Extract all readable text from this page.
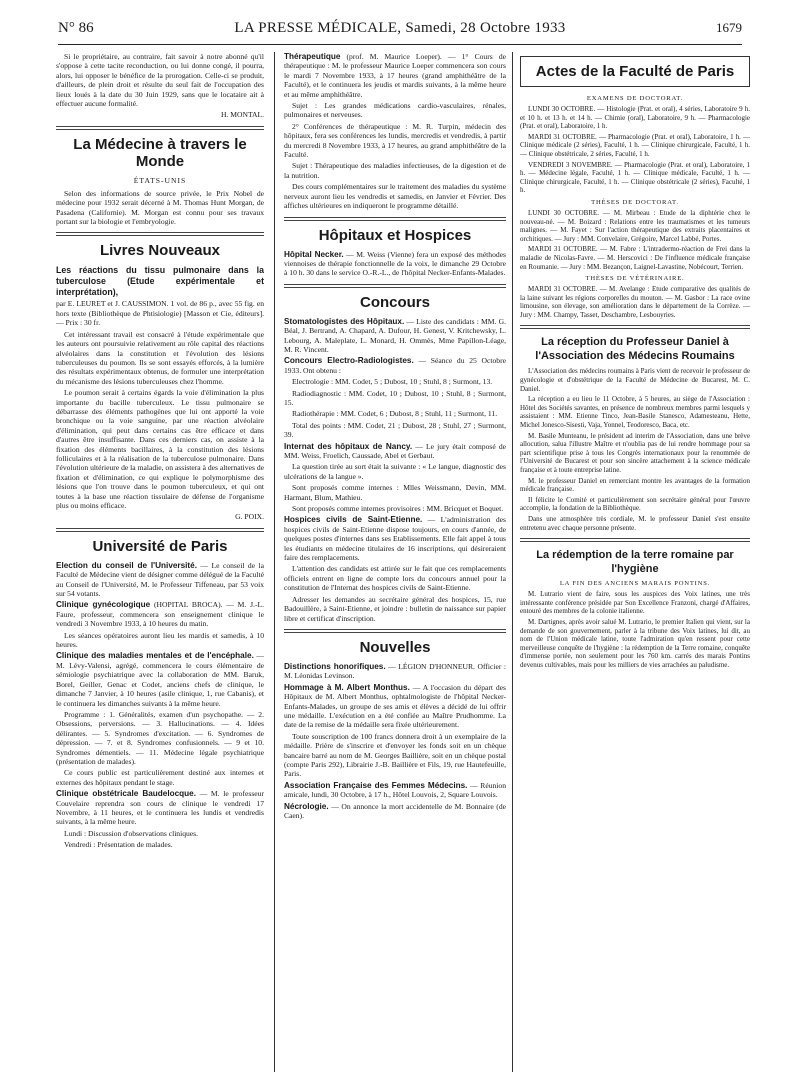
N° 86	LA PRESSE MÉDICALE, Samedi, 28 Octobre 1933	1679

Si le propriétaire, au contraire, fait savoir à notre abonné qu'il s'oppose à cette tacite reconduction, ou lui donne congé, il pourra, alors, lui opposer le bénéfice de la prorogation. Celle-ci se produit, d'ailleurs, de plein droit et résulte du seul fait de l'occupation des lieux loués à la date du 30 Juin 1929, sans que le locataire ait à effectuer aucune formalité.

H. MONTAL.

La Médecine à travers le Monde
ÉTATS-UNIS

Selon des informations de source privée, le Prix Nobel de médecine pour 1932 serait décerné à M. Thomas Hunt Morgan, de Pasadena (Californie). M. Morgan est connu pour ses travaux portant sur la biologie et l'embryologie.

Livres Nouveaux

Les réactions du tissu pulmonaire dans la tuberculose (Etude expérimentale et interprétation),

par E. LEURET et J. CAUSSIMON. 1 vol. de 86 p., avec 55 fig. en hors texte (Bibliothèque de Phtisiologie) [Masson et Cie, éditeurs]. — Prix : 30 fr.

Cet intéressant travail est consacré à l'étude expérimentale que les auteurs ont poursuivie relativement au rôle capital des réactions alvéolaires dans la constitution et l'évolution des lésions tuberculeuses du poumon. Ils se sont essayés efforcés, à la lumière des résultats expérimentaux obtenus, de formuler une interprétation du mécanisme des lésions tuberculeuses chez l'homme.

Le poumon serait à certains égards la voie d'élimination la plus importante du bacille tuberculeux. Le tissu pulmonaire se débarrasse des éléments pathogènes que lui ont apporté la voie bronchique ou la voie sanguine, par une réaction alvéolaire d'élimination, qui peut dans certains cas être efficace et dans d'autres être insuffisante. Dans ces derniers cas, on assiste à la fixation des éléments bacillaires, à la constitution des lésions folliculaires et à la réalisation de la tuberculose pulmonaire. Dans l'évolution ultérieure de la maladie, on assistera à des alternatives de fixation et d'élimination, ce qui explique le polymorphisme des lésions que l'on trouve dans le poumon tuberculeux, et qui ont toutes à la base une réaction tissulaire de défense de l'organisme plus ou moins efficace.

G. POIX.

Université de Paris

Election du conseil de l'Université. — Le conseil de la Faculté de Médecine vient de désigner comme délégué de la Faculté au Conseil de l'Université, M. le Professeur Tiffeneau, par 53 voix sur 54 votants.

Clinique gynécologique (HOPITAL BROCA). — M. J.-L. Faure, professeur, commencera son enseignement clinique le vendredi 3 Novembre 1933, à 10 heures du matin.

Les séances opératoires auront lieu les mardis et samedis, à 10 heures.

Clinique des maladies mentales et de l'encéphale. — M. Lévy-Valensi, agrégé, commencera le cours élémentaire de sémiologie psychiatrique avec la collaboration de MM. Baruk, Borel, Geiller, Genac et Codet, anciens chefs de clinique, le dimanche 7 Janvier, à 10 heures (asile clinique, 1, rue Cabanis), et le continuera les dimanches suivants à la même heure.

Programme : 1. Généralités, examen d'un psychopathe. — 2. Obsessions, perversions. — 3. Hallucinations. — 4. Idées délirantes. — 5. Syndromes d'excitation. — 6. Syndromes de dépression. — 7. et 8. Syndromes confusionnels. — 9 et 10. Syndromes démentiels. — 11. Médecine légale psychiatrique (présentation de malades).

Ce cours public est particulièrement destiné aux internes et externes des hôpitaux pendant le stage.

Clinique obstétricale Baudelocque. — M. le professeur Couvelaire reprendra son cours de clinique le vendredi 17 Novembre, à 11 heures, et le continuera les lundis et vendredis suivants, à la même heure.

Lundi : Discussion d'observations cliniques.

Vendredi : Présentation de malades.

Thérapeutique (prof. M. Maurice Loeper). — 1° Cours de thérapeutique : M. le professeur Maurice Loeper commencera son cours le mardi 7 Novembre 1933, à 17 heures (grand amphithéâtre de la Faculté), et le continuera les jeudis et mardis suivants, à la même heure et au même amphithéâtre.

Sujet : Les grandes médications cardio-vasculaires, rénales, pulmonaires et nerveuses.

2° Conférences de thérapeutique : M. R. Turpin, médecin des hôpitaux, fera ses conférences les lundis, mercredis et vendredis, à partir du mercredi 8 Novembre 1933, à 17 heures, au grand amphithéâtre de la Faculté.

Sujet : Thérapeutique des maladies infectieuses, de la digestion et de la nutrition.

Des cours complémentaires sur le traitement des maladies du système nerveux auront lieu les vendredis et samedis, en Janvier et Février. Des affiches ultérieures en indiqueront le programme détaillé.

Hôpitaux et Hospices

Hôpital Necker. — M. Weiss (Vienne) fera un exposé des méthodes viennoises de thérapie fonctionnelle de la voix, le dimanche 29 Octobre à 10 h. 30 dans le service O.-R.-L., de l'hôpital Necker-Enfants-Malades.

Concours

Stomatologistes des Hôpitaux. — Liste des candidats : MM. G. Béal, J. Bertrand, A. Chapard, A. Dufour, H. Genest, V. Kritchewsky, L. Lebourg, A. Maleplate, L. Monard, H. Ommès, Mme Papillon-Léage, M. R. Vincent.

Concours Electro-Radiologistes. — Séance du 25 Octobre 1933. Ont obtenu :

Electrologie : MM. Codet, 5 ; Dubost, 10 ; Stuhl, 8 ; Surmont, 13.

Radiodiagnostic : MM. Codet, 10 ; Dubost, 10 ; Stuhl, 8 ; Surmont, 15.

Radiothérapie : MM. Codet, 6 ; Dubost, 8 ; Stuhl, 11 ; Surmont, 11.

Total des points : MM. Codet, 21 ; Dubost, 28 ; Stuhl, 27 ; Surmont, 39.

Internat des hôpitaux de Nancy. — Le jury était composé de MM. Weiss, Froelich, Caussade, Abel et Gerbaut.

La question tirée au sort était la suivante : « Le langue, diagnostic des ulcérations de la langue ».

Sont proposés comme internes : Mlles Weissmann, Devin, MM. Harmant, Blum, Mathieu.

Sont proposés comme internes provisoires : MM. Bricquet et Boquet.

Hospices civils de Saint-Etienne. — L'administration des hospices civils de Saint-Etienne dispose toujours, en cours d'année, de quelques postes d'internes dans ses Etablissements. Elle fait appel à tous les étudiants en médecine titulaires de 16 inscriptions, qui désireraient faire des remplacements.

L'attention des candidats est attirée sur le fait que ces remplacements officiels entrent en ligne de compte lors du concours annuel pour la constitution de l'Internat des hospices civils de Saint-Etienne.

Adresser les demandes au secrétaire général des hospices, 15, rue Badouillère, à Saint-Etienne, et joindre : bulletin de naissance sur papier libre et certificat d'inscription.

Nouvelles

Distinctions honorifiques. — LÉGION D'HONNEUR. Officier : M. Léonidas Levinson.

Hommage à M. Albert Monthus. — A l'occasion du départ des Hôpitaux de M. Albert Monthus, ophtalmologiste de l'hôpital Necker-Enfants-Malades, un groupe de ses amis et élèves a décidé de lui offrir une médaille. L'exécution en a été confiée au Maître Prudhomme. La date de la remise de la médaille sera fixée ultérieurement.

Toute souscription de 100 francs donnera droit à un exemplaire de la médaille. Prière de s'inscrire et d'envoyer les fonds soit en un chèque bancaire barré au nom de M. Georges Baillière, soit en un chèque postal (compte Paris 292), Librairie J.-B. Baillière et Fils, 19, rue Hautefeuille, Paris.

Association Française des Femmes Médecins. — Réunion amicale, lundi, 30 Octobre, à 17 h., Hôtel Louvois, 2, Square Louvois.

Nécrologie. — On annonce la mort accidentelle de M. Bonnaire (de Caen).

Actes de la Faculté de Paris
EXAMENS DE DOCTORAT.

LUNDI 30 OCTOBRE. — Histologie (Prat. et oral), 4 séries, Laboratoire 9 h. et 10 h. et 13 h. et 14 h. — Chimie (oral), Laboratoire, 9 h. — Pharmacologie (Prat. et oral), Laboratoire, 1 h.

MARDI 31 OCTOBRE. — Pharmacologie (Prat. et oral), Laboratoire, 1 h. — Clinique médicale (2 séries), Faculté, 1 h. — Clinique chirurgicale, Faculté, 1 h. — Clinique obstétricale, 2 séries, Faculté, 1 h.

VENDREDI 3 NOVEMBRE. — Pharmacologie (Prat. et oral), Laboratoire, 1 h. — Médecine légale, Faculté, 1 h. — Clinique médicale, Faculté, 1 h. — Clinique chirurgicale, Faculté, 1 h. — Clinique obstétricale (2 séries), Faculté, 1 h.

THÈSES DE DOCTORAT.

LUNDI 30 OCTOBRE. — M. Mirbeau : Etude de la diphtérie chez le nouveau-né. — M. Boizard : Relations entre les traumatismes et les tumeurs malignes. — M. Fayet : Sur l'action thérapeutique des extraits placentaires et orchitiques. — Jury : MM. Convelaire, Grégoire, Marcel Labbé, Portes.

MARDI 31 OCTOBRE. — M. Fabre : L'intradermo-réaction de Frei dans la maladie de Nicolas-Favre. — M. Herscovici : De l'influence médicale française en Roumanie. — Jury : MM. Bezançon, Laignel-Lavastine, Nobécourt, Terrien.

THÈSES DE VÉTÉRINAIRE.

MARDI 31 OCTOBRE. — M. Avelange : Etude comparative des qualités de la laine suivant les régions corporelles du mouton. — M. Gasbor : La race ovine limousine, son élevage, son amélioration dans le département de la Corrèze. — Jury : MM. Champy, Tasset, Deschambre, Lesbouyries.

La réception du Professeur Daniel à l'Association des Médecins Roumains

L'Association des médecins roumains à Paris vient de recevoir le professeur de gynécologie et d'obstétrique de la Faculté de Médecine de Bucarest, M. C. Daniel.

La réception a eu lieu le 11 Octobre, à 5 heures, au siège de l'Association : Hôtel des Sociétés savantes, en présence de nombreux membres parmi lesquels y assistaient : MM. Etienne Tinco, Jean-Basile Stanesco, Adamesteanu, Hette, Michel Jonesco-Sisesti, Vaja, Yonnel, Teodoresco, Baca, etc.

M. Basile Munteanu, le président ad interim de l'Association, dans une brève allocution, salua l'illustre Maître et n'oublia pas de lui rendre hommage pour sa part scientifique prise à tous les Congrès internationaux pour la renommée de l'Université de Bucarest et pour son sincère attachement à la science médicale française et à toute entreprise latine.

M. le professeur Daniel en remerciant montre les avantages de la formation médicale française.

Il félicite le Comité et particulièrement son secrétaire général pour l'œuvre accomplie, la fondation de la Bibliothèque.

Dans une atmosphère très cordiale, M. le professeur Daniel s'est ensuite entretenu avec chaque personne présente.

La rédemption de la terre romaine par l'hygiène
LA FIN DES ANCIENS MARAIS PONTINS.

M. Lutrario vient de faire, sous les auspices des Voix latines, une très intéressante conférence présidée par Son Excellence Franzoni, chargé d'Affaires, entouré des membres de la colonie italienne.

M. Dartignes, après avoir salué M. Lutrario, le premier Italien qui vient, sur la demande de son gouvernement, parler à la tribune des Voix latines, lui dit, au nom de l'Union médicale latine, toute l'admiration qu'en ressent pour cette merveilleuse conquête de l'hygiène : la rédemption de la Terre romaine, conquête d'immense portée, non seulement pour les 760 km. carrés des marais Pontins devenus cultivables, mais pour les milliers de vies arrachées au paludisme.
